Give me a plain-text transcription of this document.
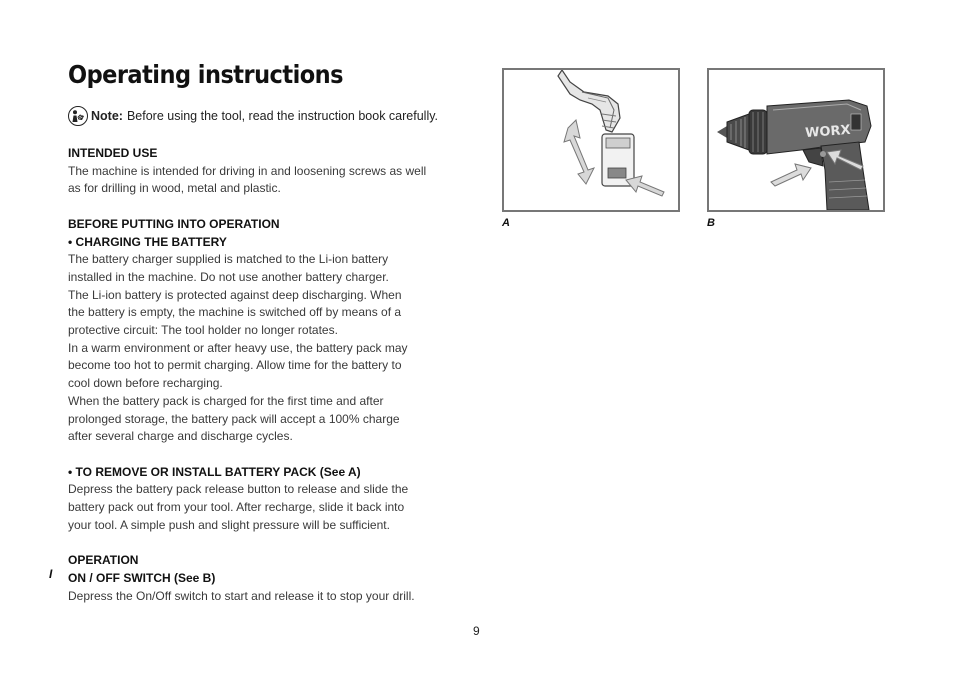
Operating instructions
Note: Before using the tool, read the instruction book carefully.
INTENDED USE
The machine is intended for driving in and loosening screws as well
as for drilling in wood, metal and plastic.
BEFORE PUTTING INTO OPERATION
• CHARGING THE BATTERY
The battery charger supplied is matched to the Li-ion battery
installed in the machine. Do not use another battery charger.
The Li-ion battery is protected against deep discharging. When
the battery is empty, the machine is switched off by means of a
protective circuit: The tool holder no longer rotates.
In a warm environment or after heavy use, the battery pack may
become too hot to permit charging. Allow time for the battery to
cool down before recharging.
When the battery pack is charged for the first time and after
prolonged storage, the battery pack will accept a 100% charge
after several charge and discharge cycles.
• TO REMOVE OR INSTALL BATTERY PACK (See A)
Depress the battery pack release button to release and slide the
battery pack out from your tool. After recharge, slide it back into
your tool. A simple push and slight pressure will be sufficient.
OPERATION
ON / OFF SWITCH (See B)
Depress the On/Off switch to start and release it to stop your drill.
I
A
WORX
B
9
